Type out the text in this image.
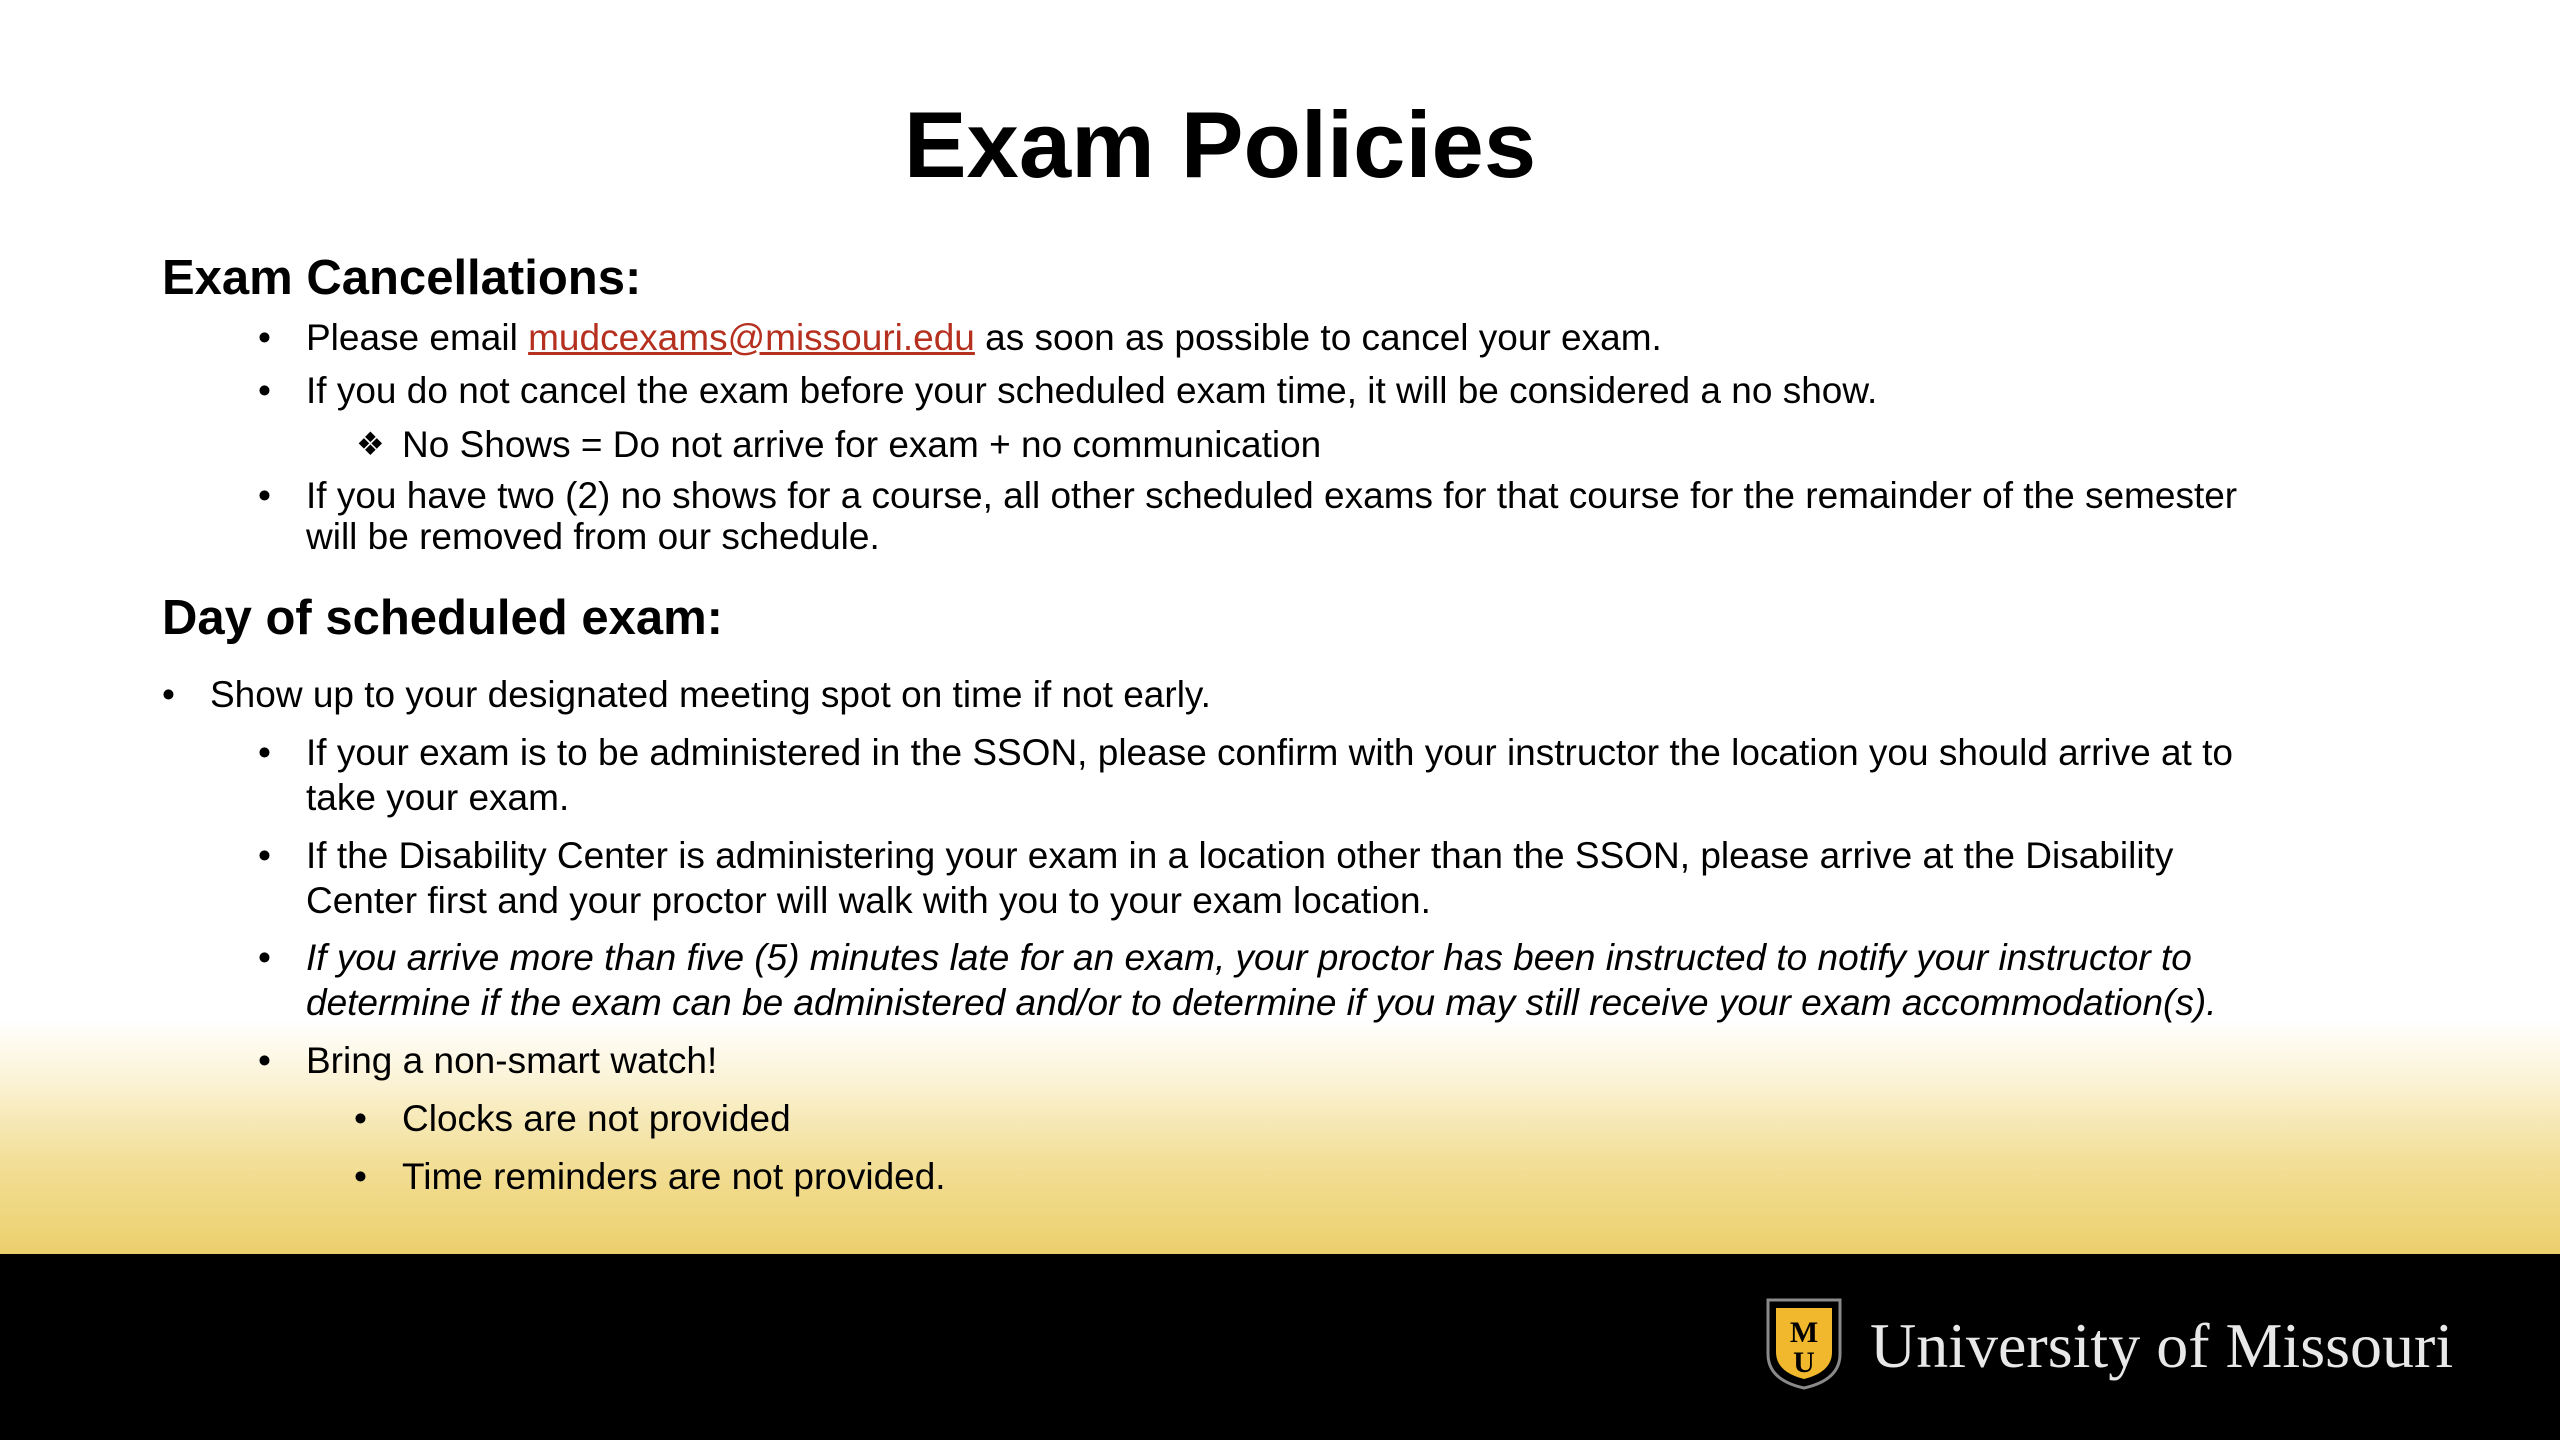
Exam Policies
Exam Cancellations:
• Please email mudcexams@missouri.edu as soon as possible to cancel your exam.
• If you do not cancel the exam before your scheduled exam time, it will be considered a no show.
❖ No Shows = Do not arrive for exam + no communication
• If you have two (2) no shows for a course, all other scheduled exams for that course for the remainder of the semester will be removed from our schedule.
Day of scheduled exam:
• Show up to your designated meeting spot on time if not early.
• If your exam is to be administered in the SSON, please confirm with your instructor the location you should arrive at to take your exam.
• If the Disability Center is administering your exam in a location other than the SSON, please arrive at the Disability Center first and your proctor will walk with you to your exam location.
• If you arrive more than five (5) minutes late for an exam, your proctor has been instructed to notify your instructor to determine if the exam can be administered and/or to determine if you may still receive your exam accommodation(s).
• Bring a non-smart watch!
• Clocks are not provided
• Time reminders are not provided.
M
U University of Missouri
